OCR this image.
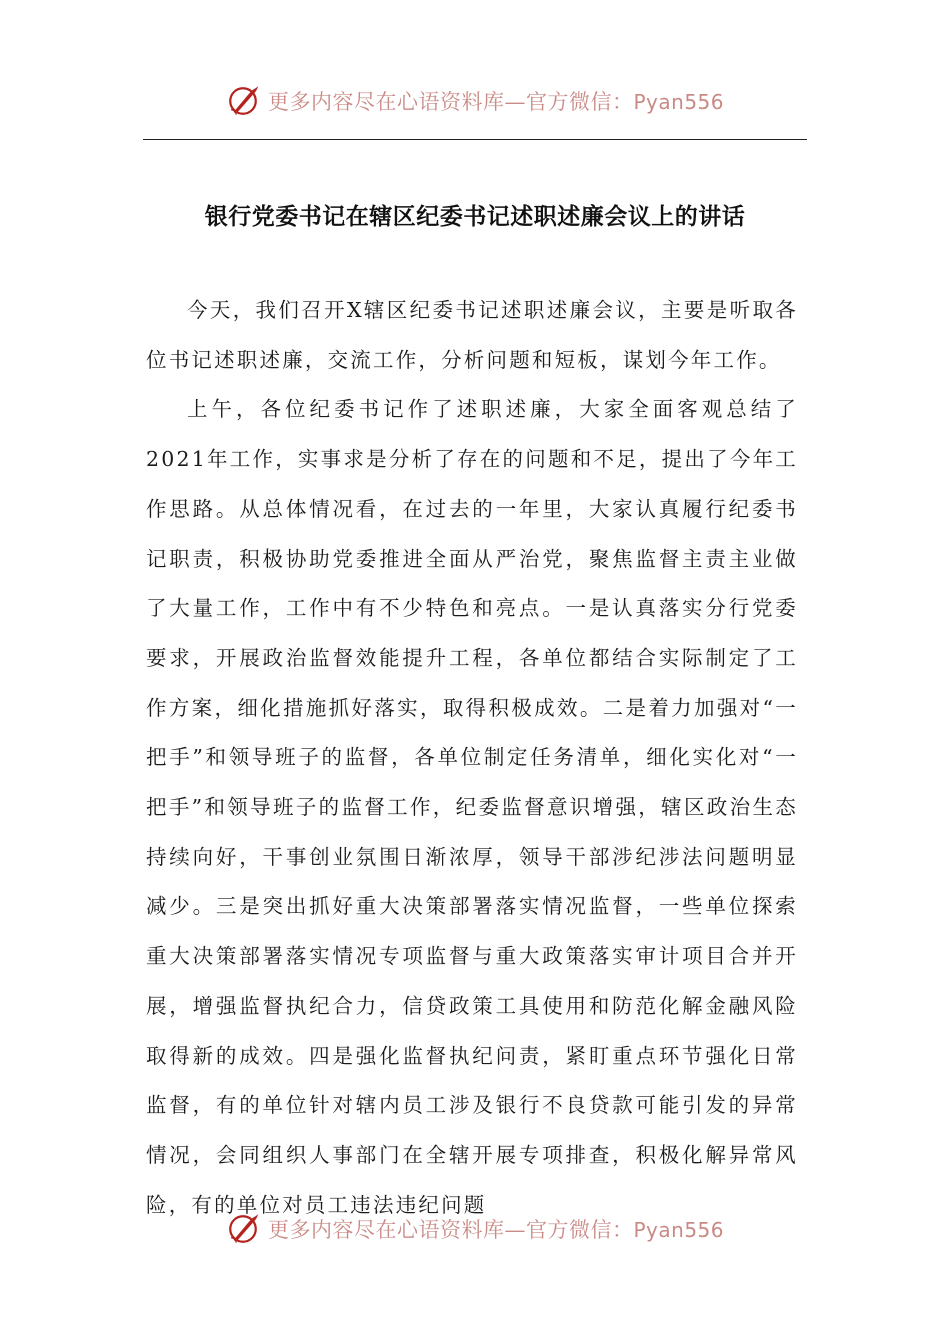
更多内容尽在心语资料库—官方微信：Pyan556
银行党委书记在辖区纪委书记述职述廉会议上的讲话

今天，我们召开X辖区纪委书记述职述廉会议，主要是听取各位书记述职述廉，交流工作，分析问题和短板，谋划今年工作。

上午，各位纪委书记作了述职述廉，大家全面客观总结了2021年工作，实事求是分析了存在的问题和不足，提出了今年工作思路。从总体情况看，在过去的一年里，大家认真履行纪委书记职责，积极协助党委推进全面从严治党，聚焦监督主责主业做了大量工作，工作中有不少特色和亮点。一是认真落实分行党委要求，开展政治监督效能提升工程，各单位都结合实际制定了工作方案，细化措施抓好落实，取得积极成效。二是着力加强对“一把手”和领导班子的监督，各单位制定任务清单，细化实化对“一把手”和领导班子的监督工作，纪委监督意识增强，辖区政治生态持续向好，干事创业氛围日渐浓厚，领导干部涉纪涉法问题明显减少。三是突出抓好重大决策部署落实情况监督，一些单位探索重大决策部署落实情况专项监督与重大政策落实审计项目合并开展，增强监督执纪合力，信贷政策工具使用和防范化解金融风险取得新的成效。四是强化监督执纪问责，紧盯重点环节强化日常监督，有的单位针对辖内员工涉及银行不良贷款可能引发的异常情况，会同组织人事部门在全辖开展专项排查，积极化解异常风险，有的单位对员工违法违纪问题

更多内容尽在心语资料库—官方微信：Pyan556
